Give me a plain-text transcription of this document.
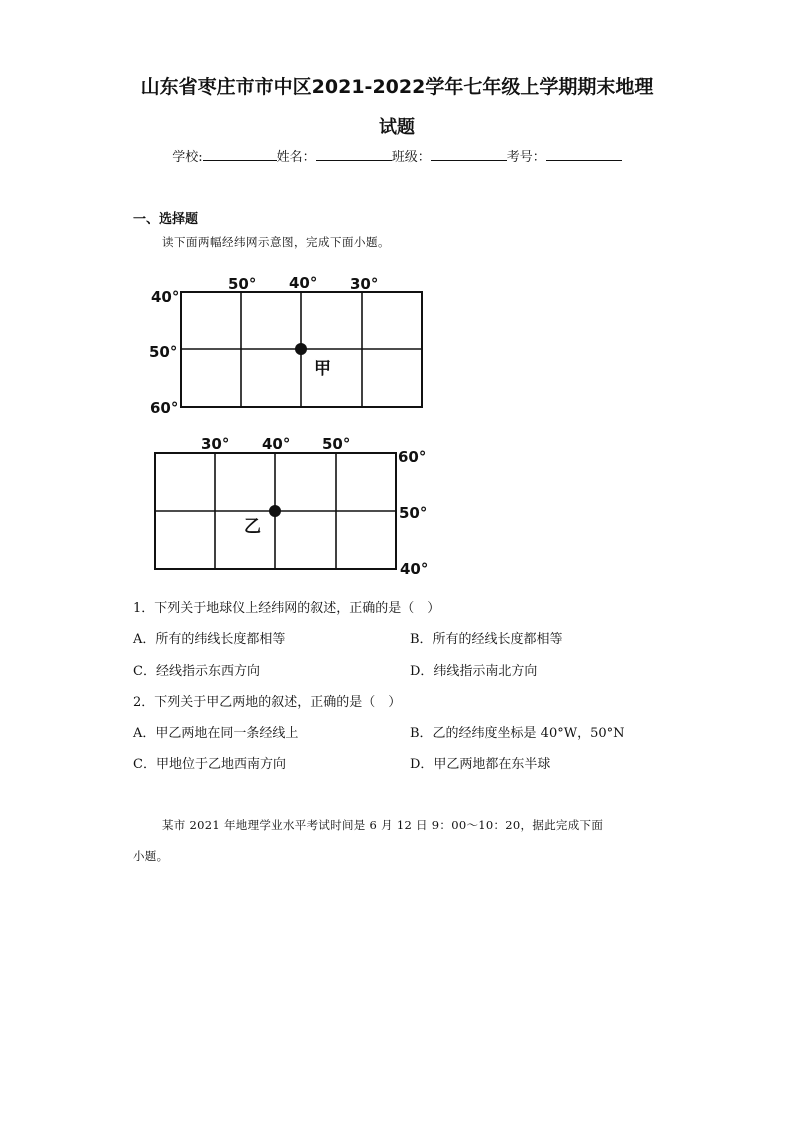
山东省枣庄市市中区2021-2022学年七年级上学期期末地理
试题
学校:	姓名：	班级：	考号：
一、选择题
读下面两幅经纬网示意图，完成下面小题。
50° 40° 30°
40°
50°
60°
甲
30° 40° 50°
60°
50°
40°
乙
1．下列关于地球仪上经纬网的叙述，正确的是（　）
A．所有的纬线长度都相等	B．所有的经线长度都相等
C．经线指示东西方向	D．纬线指示南北方向
2．下列关于甲乙两地的叙述，正确的是（　）
A．甲乙两地在同一条经线上	B．乙的经纬度坐标是 40°W，50°N
C．甲地位于乙地西南方向	D．甲乙两地都在东半球
某市 2021 年地理学业水平考试时间是 6 月 12 日 9：00～10：20，据此完成下面
小题。
